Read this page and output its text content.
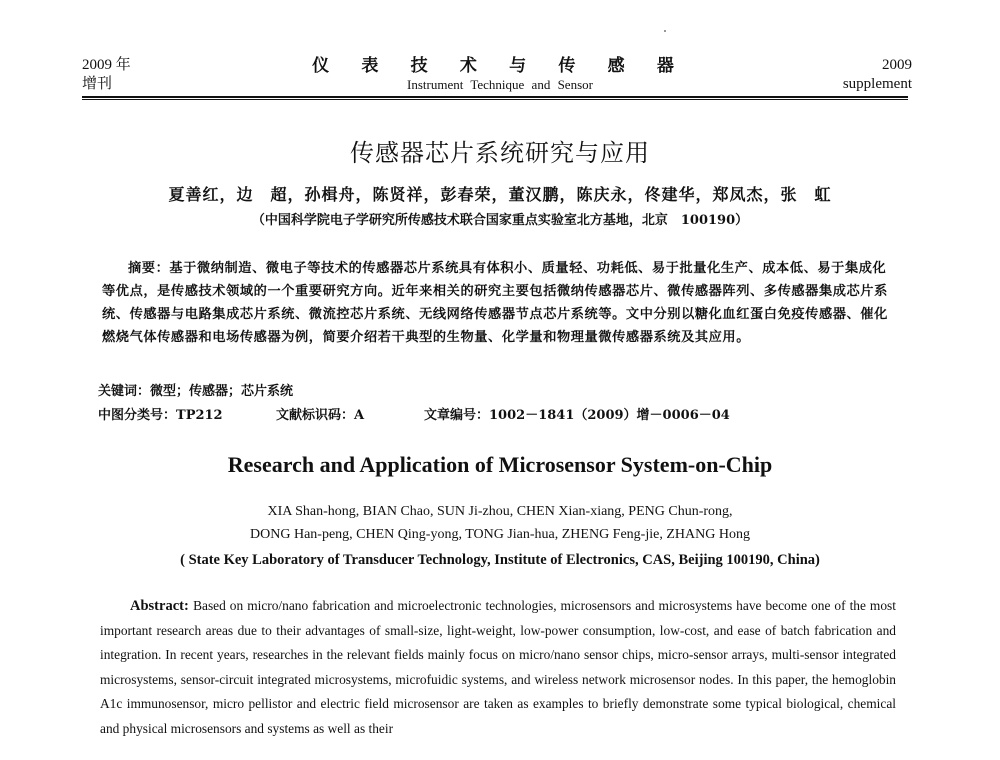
2009 年
增刊
仪 表 技 术 与 传 感 器
Instrument Technique and Sensor
2009
supplement
传感器芯片系统研究与应用
夏善红，边　超，孙楫舟，陈贤祥，彭春荣，董汉鹏，陈庆永，佟建华，郑凤杰，张　虹
（中国科学院电子学研究所传感技术联合国家重点实验室北方基地，北京　100190）
摘要：基于微纳制造、微电子等技术的传感器芯片系统具有体积小、质量轻、功耗低、易于批量化生产、成本低、易于集成化等优点，是传感技术领域的一个重要研究方向。近年来相关的研究主要包括微纳传感器芯片、微传感器阵列、多传感器集成芯片系统、传感器与电路集成芯片系统、微流控芯片系统、无线网络传感器节点芯片系统等。文中分别以糖化血红蛋白免疫传感器、催化燃烧气体传感器和电场传感器为例，简要介绍若干典型的生物量、化学量和物理量微传感器系统及其应用。
关键词：微型；传感器；芯片系统
中图分类号：TP212	文献标识码：A	文章编号：1002－1841（2009）增－0006－04
Research and Application of Microsensor System-on-Chip
XIA Shan-hong, BIAN Chao, SUN Ji-zhou, CHEN Xian-xiang, PENG Chun-rong,
DONG Han-peng, CHEN Qing-yong, TONG Jian-hua, ZHENG Feng-jie, ZHANG Hong
( State Key Laboratory of Transducer Technology, Institute of Electronics, CAS, Beijing 100190, China)
Abstract: Based on micro/nano fabrication and microelectronic technologies, microsensors and microsystems have become one of the most important research areas due to their advantages of small-size, light-weight, low-power consumption, low-cost, and ease of batch fabrication and integration. In recent years, researches in the relevant fields mainly focus on micro/nano sensor chips, micro-sensor arrays, multi-sensor integrated microsystems, sensor-circuit integrated microsystems, microfuidic systems, and wireless network microsensor nodes. In this paper, the hemoglobin A1c immunosensor, micro pellistor and electric field microsensor are taken as examples to briefly demonstrate some typical biological, chemical and physical microsensors and systems as well as their
